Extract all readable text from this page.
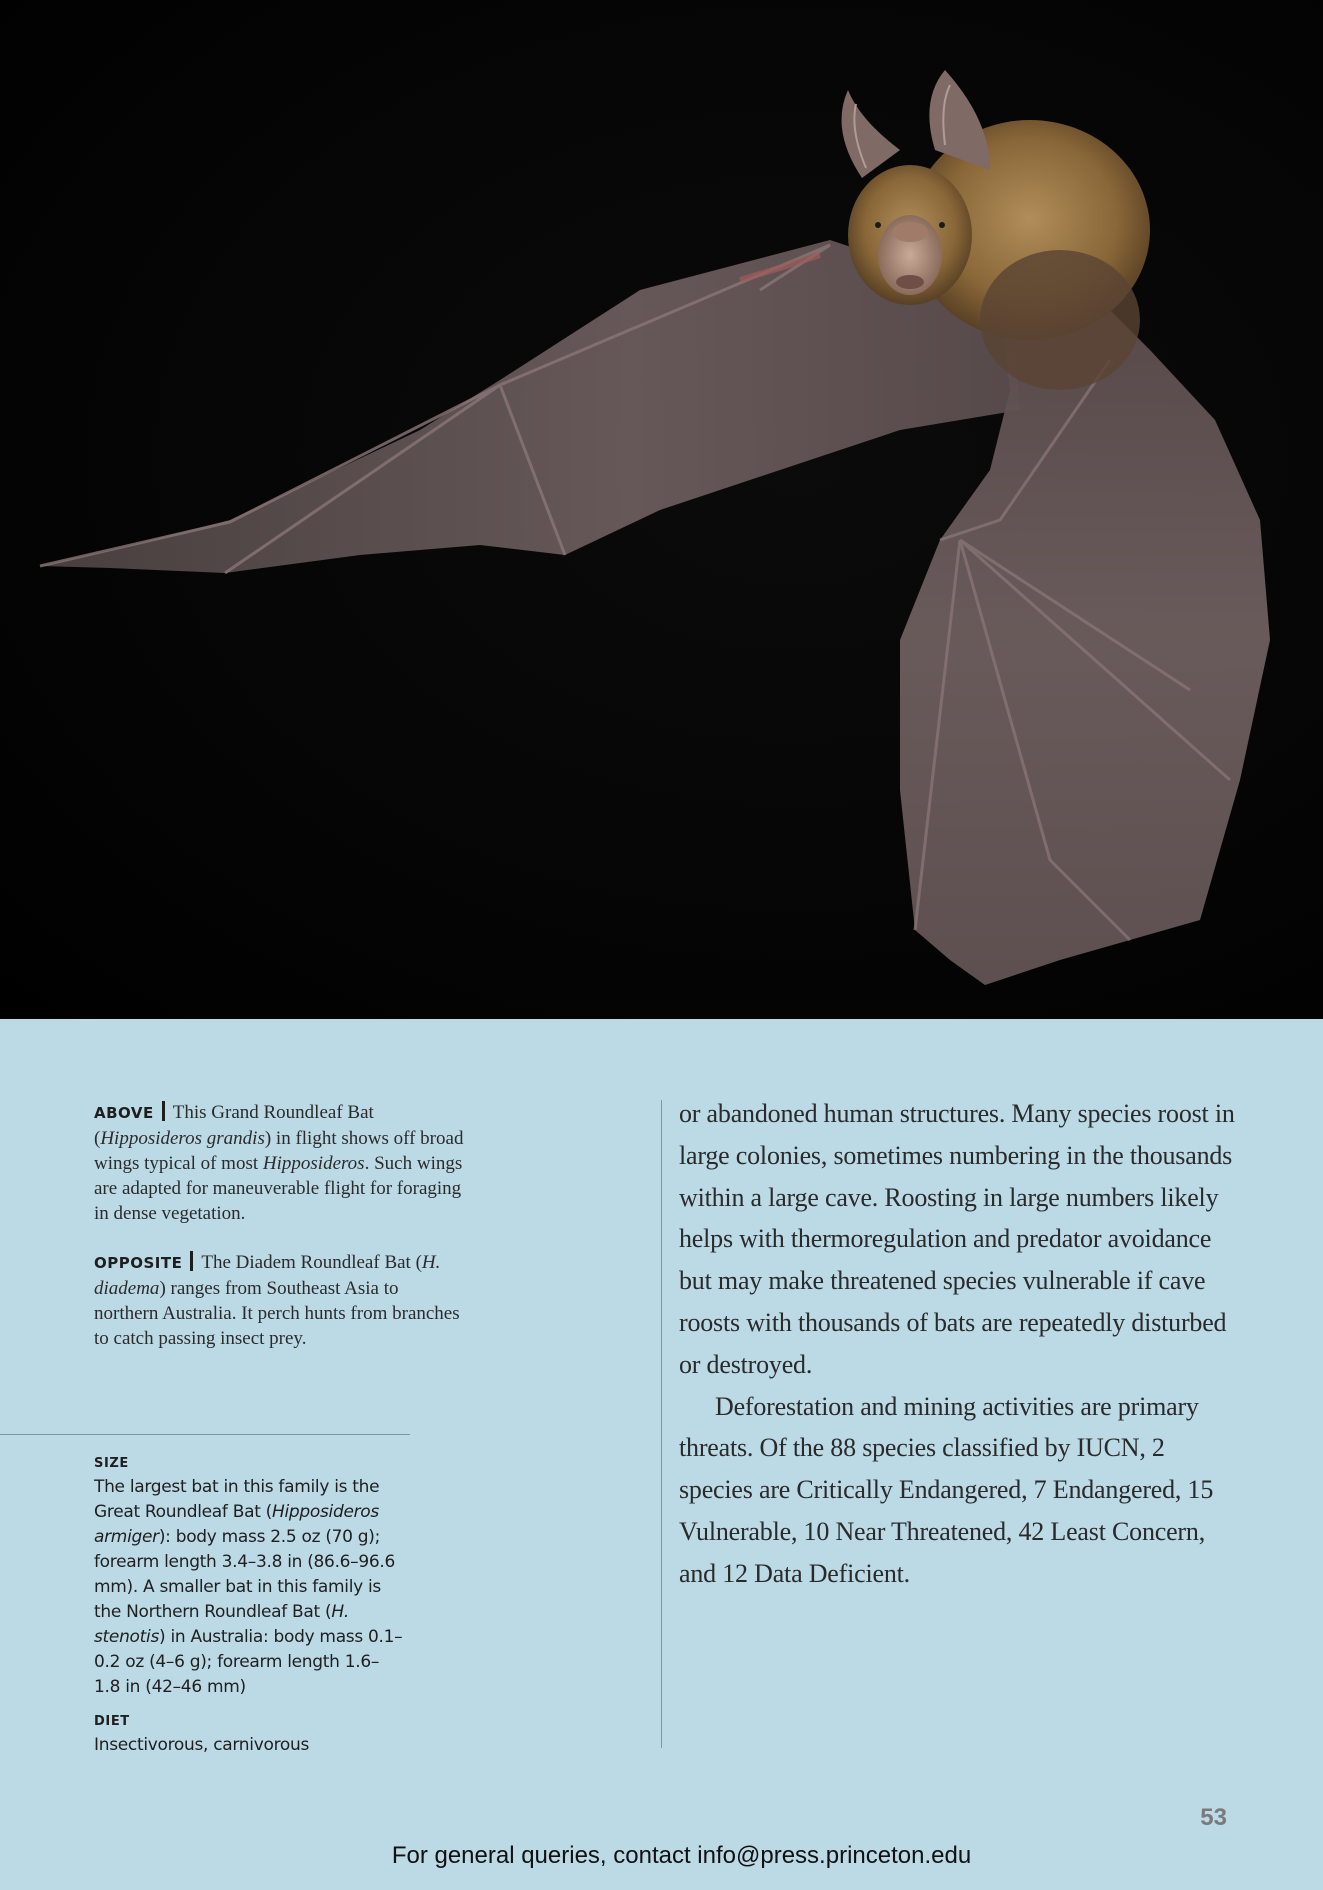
ABOVE This Grand Roundleaf Bat (Hipposideros grandis) in flight shows off broad wings typical of most Hipposideros. Such wings are adapted for maneuverable flight for foraging in dense vegetation.
OPPOSITE The Diadem Roundleaf Bat (H. diadema) ranges from Southeast Asia to northern Australia. It perch hunts from branches to catch passing insect prey.
SIZE
The largest bat in this family is the Great Roundleaf Bat (Hipposideros armiger): body mass 2.5 oz (70 g); forearm length 3.4–3.8 in (86.6–96.6 mm). A smaller bat in this family is the Northern Roundleaf Bat (H. stenotis) in Australia: body mass 0.1–0.2 oz (4–6 g); forearm length 1.6–1.8 in (42–46 mm)
DIET
Insectivorous, carnivorous

or abandoned human structures. Many species roost in large colonies, sometimes numbering in the thousands within a large cave. Roosting in large numbers likely helps with thermoregulation and predator avoidance but may make threatened species vulnerable if cave roosts with thousands of bats are repeatedly disturbed or destroyed.

Deforestation and mining activities are primary threats. Of the 88 species classified by IUCN, 2 species are Critically Endangered, 7 Endangered, 15 Vulnerable, 10 Near Threatened, 42 Least Concern, and 12 Data Deficient.

53
For general queries, contact info@press.princeton.edu
